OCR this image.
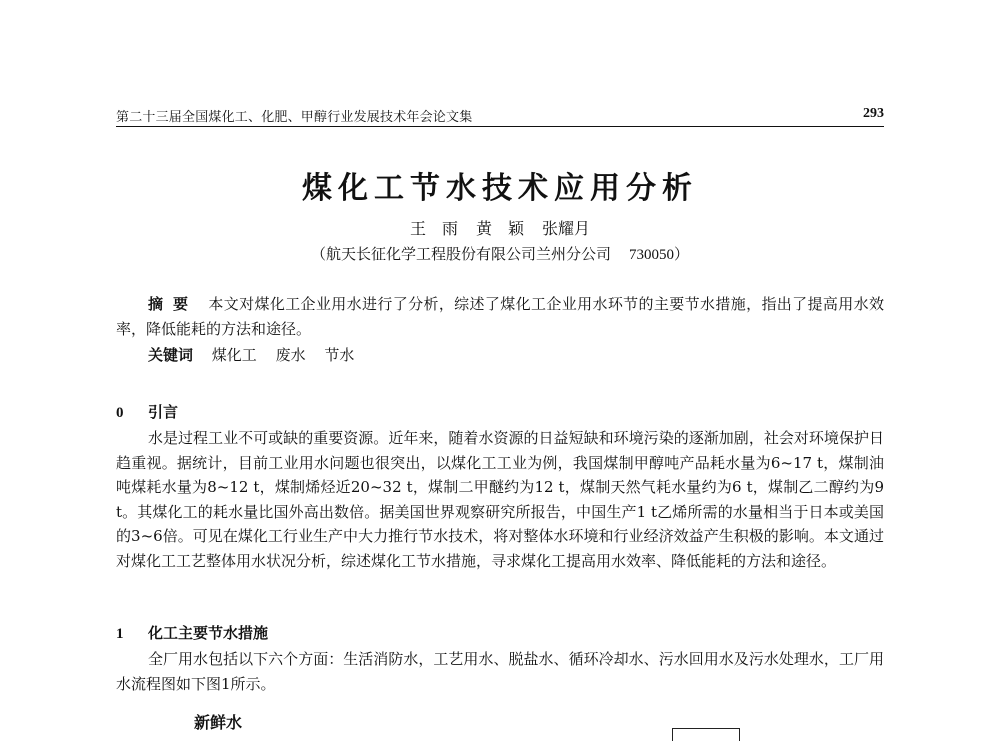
第二十三届全国煤化工、化肥、甲醇行业发展技术年会论文集	293
煤化工节水技术应用分析
王　雨 黄　颖 张耀月
（航天长征化学工程股份有限公司兰州分公司 730050）
摘要 本文对煤化工企业用水进行了分析，综述了煤化工企业用水环节的主要节水措施，指出了提高用水效率，降低能耗的方法和途径。
关键词 煤化工 废水 节水
0 引言
水是过程工业不可或缺的重要资源。近年来，随着水资源的日益短缺和环境污染的逐渐加剧，社会对环境保护日趋重视。据统计，目前工业用水问题也很突出，以煤化工工业为例，我国煤制甲醇吨产品耗水量为6~17 t，煤制油吨煤耗水量为8~12 t，煤制烯烃近20~32 t，煤制二甲醚约为12 t，煤制天然气耗水量约为6 t，煤制乙二醇约为9 t。其煤化工的耗水量比国外高出数倍。据美国世界观察研究所报告，中国生产1 t乙烯所需的水量相当于日本或美国的3~6倍。可见在煤化工行业生产中大力推行节水技术，将对整体水环境和行业经济效益产生积极的影响。本文通过对煤化工工艺整体用水状况分析，综述煤化工节水措施，寻求煤化工提高用水效率、降低能耗的方法和途径。
1 化工主要节水措施
全厂用水包括以下六个方面：生活消防水，工艺用水、脱盐水、循环冷却水、污水回用水及污水处理水，工厂用水流程图如下图1所示。
新鲜水
